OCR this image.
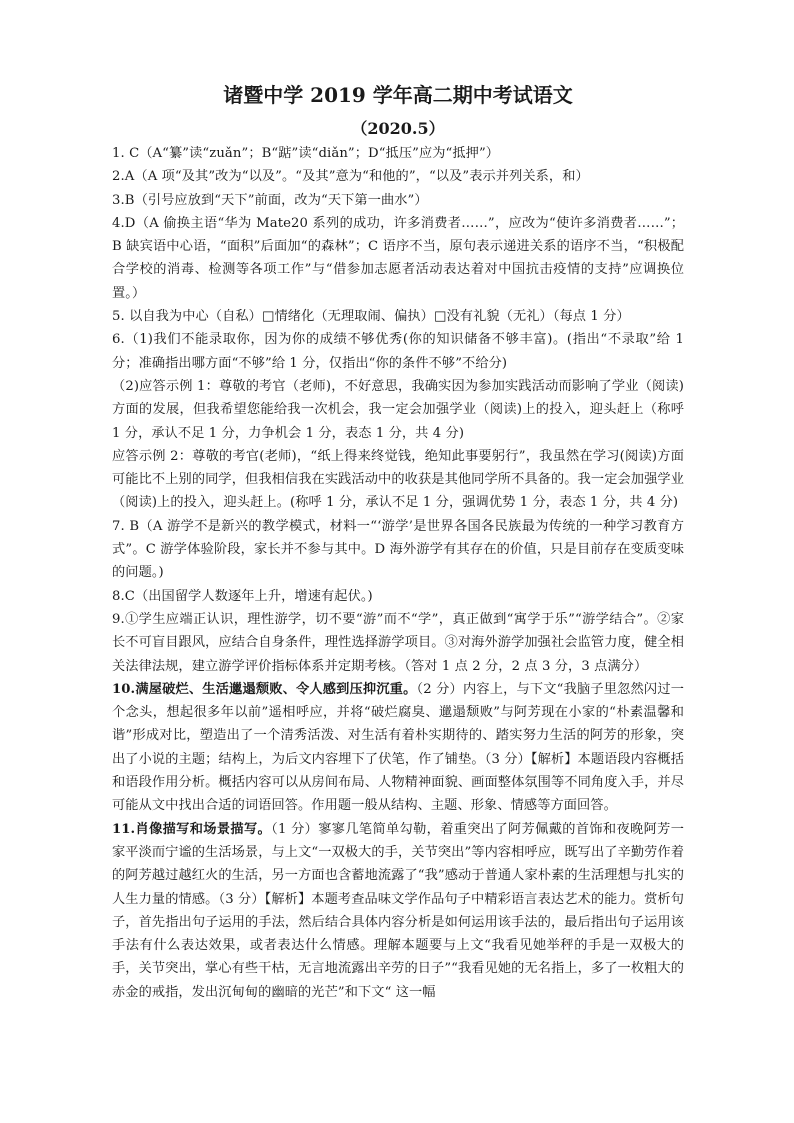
诸暨中学 2019 学年高二期中考试语文
（2020.5）

1. C（A“纂”读“zuǎn”；B“踮”读“diǎn”；D“抵压”应为“抵押”）

2.A（A 项“及其”改为“以及”。“及其”意为“和他的”，“以及”表示并列关系，和）

3.B（引号应放到“天下”前面，改为“天下第一曲水”）

4.D（A 偷换主语“华为 Mate20 系列的成功，许多消费者……”，应改为“使许多消费者……”；B 缺宾语中心语，“面积”后面加“的森林”；C 语序不当，原句表示递进关系的语序不当，“积极配合学校的消毒、检测等各项工作”与“借参加志愿者活动表达着对中国抗击疫情的支持”应调换位置。）

5. 以自我为中心（自私）□情绪化（无理取闹、偏执）□没有礼貌（无礼）（每点 1 分）

6.（1)我们不能录取你，因为你的成绩不够优秀(你的知识储备不够丰富)。(指出“不录取”给 1 分；准确指出哪方面“不够”给 1 分，仅指出“你的条件不够”不给分)

（2)应答示例 1：尊敬的考官（老师)，不好意思，我确实因为参加实践活动而影响了学业（阅读)方面的发展，但我希望您能给我一次机会，我一定会加强学业（阅读)上的投入，迎头赶上（称呼 1 分，承认不足 1 分，力争机会 1 分，表态 1 分，共 4 分)

应答示例 2：尊敬的考官(老师)，“纸上得来终觉钱，绝知此事要躬行”，我虽然在学习(阅读)方面可能比不上别的同学，但我相信我在实践活动中的收获是其他同学所不具备的。我一定会加强学业（阅读)上的投入，迎头赶上。(称呼 1 分，承认不足 1 分，强调优势 1 分，表态 1 分，共 4 分)

7. B（A 游学不是新兴的教学模式，材料一“‘游学’是世界各国各民族最为传统的一种学习教育方式”。C 游学体验阶段，家长并不参与其中。D 海外游学有其存在的价值，只是目前存在变质变味的问题。)

8.C（出国留学人数逐年上升，增速有起伏。)

9.①学生应端正认识，理性游学，切不要“游”而不“学”，真正做到“寓学于乐”“游学结合”。②家长不可盲目跟风，应结合自身条件，理性选择游学项目。③对海外游学加强社会监管力度，健全相关法律法规，建立游学评价指标体系并定期考核。（答对 1 点 2 分，2 点 3 分，3 点满分）

10.满屋破烂、生活邋遢颓败、令人感到压抑沉重。（2 分）内容上，与下文“我脑子里忽然闪过一个念头，想起很多年以前”遥相呼应，并将“破烂腐臭、邋遢颓败”与阿芳现在小家的“朴素温馨和谐”形成对比，塑造出了一个清秀活泼、对生活有着朴实期待的、踏实努力生活的阿芳的形象，突出了小说的主题；结构上，为后文内容埋下了伏笔，作了铺垫。（3 分）【解析】本题语段内容概括和语段作用分析。概括内容可以从房间布局、人物精神面貌、画面整体氛围等不同角度入手，并尽可能从文中找出合适的词语回答。作用题一般从结构、主题、形象、情感等方面回答。

11.肖像描写和场景描写。（1 分）寥寥几笔简单勾勒，着重突出了阿芳佩戴的首饰和夜晚阿芳一家平淡而宁谧的生活场景，与上文“一双极大的手，关节突出”等内容相呼应，既写出了辛勤劳作着的阿芳越过越红火的生活，另一方面也含蓄地流露了“我”感动于普通人家朴素的生活理想与扎实的人生力量的情感。（3 分）【解析】本题考查品味文学作品句子中精彩语言表达艺术的能力。赏析句子，首先指出句子运用的手法，然后结合具体内容分析是如何运用该手法的，最后指出句子运用该手法有什么表达效果，或者表达什么情感。理解本题要与上文“我看见她举秤的手是一双极大的手，关节突出，掌心有些干枯，无言地流露出辛劳的日子”“我看见她的无名指上，多了一枚粗大的赤金的戒指，发出沉甸甸的幽暗的光芒”和下文“ 这一幅
